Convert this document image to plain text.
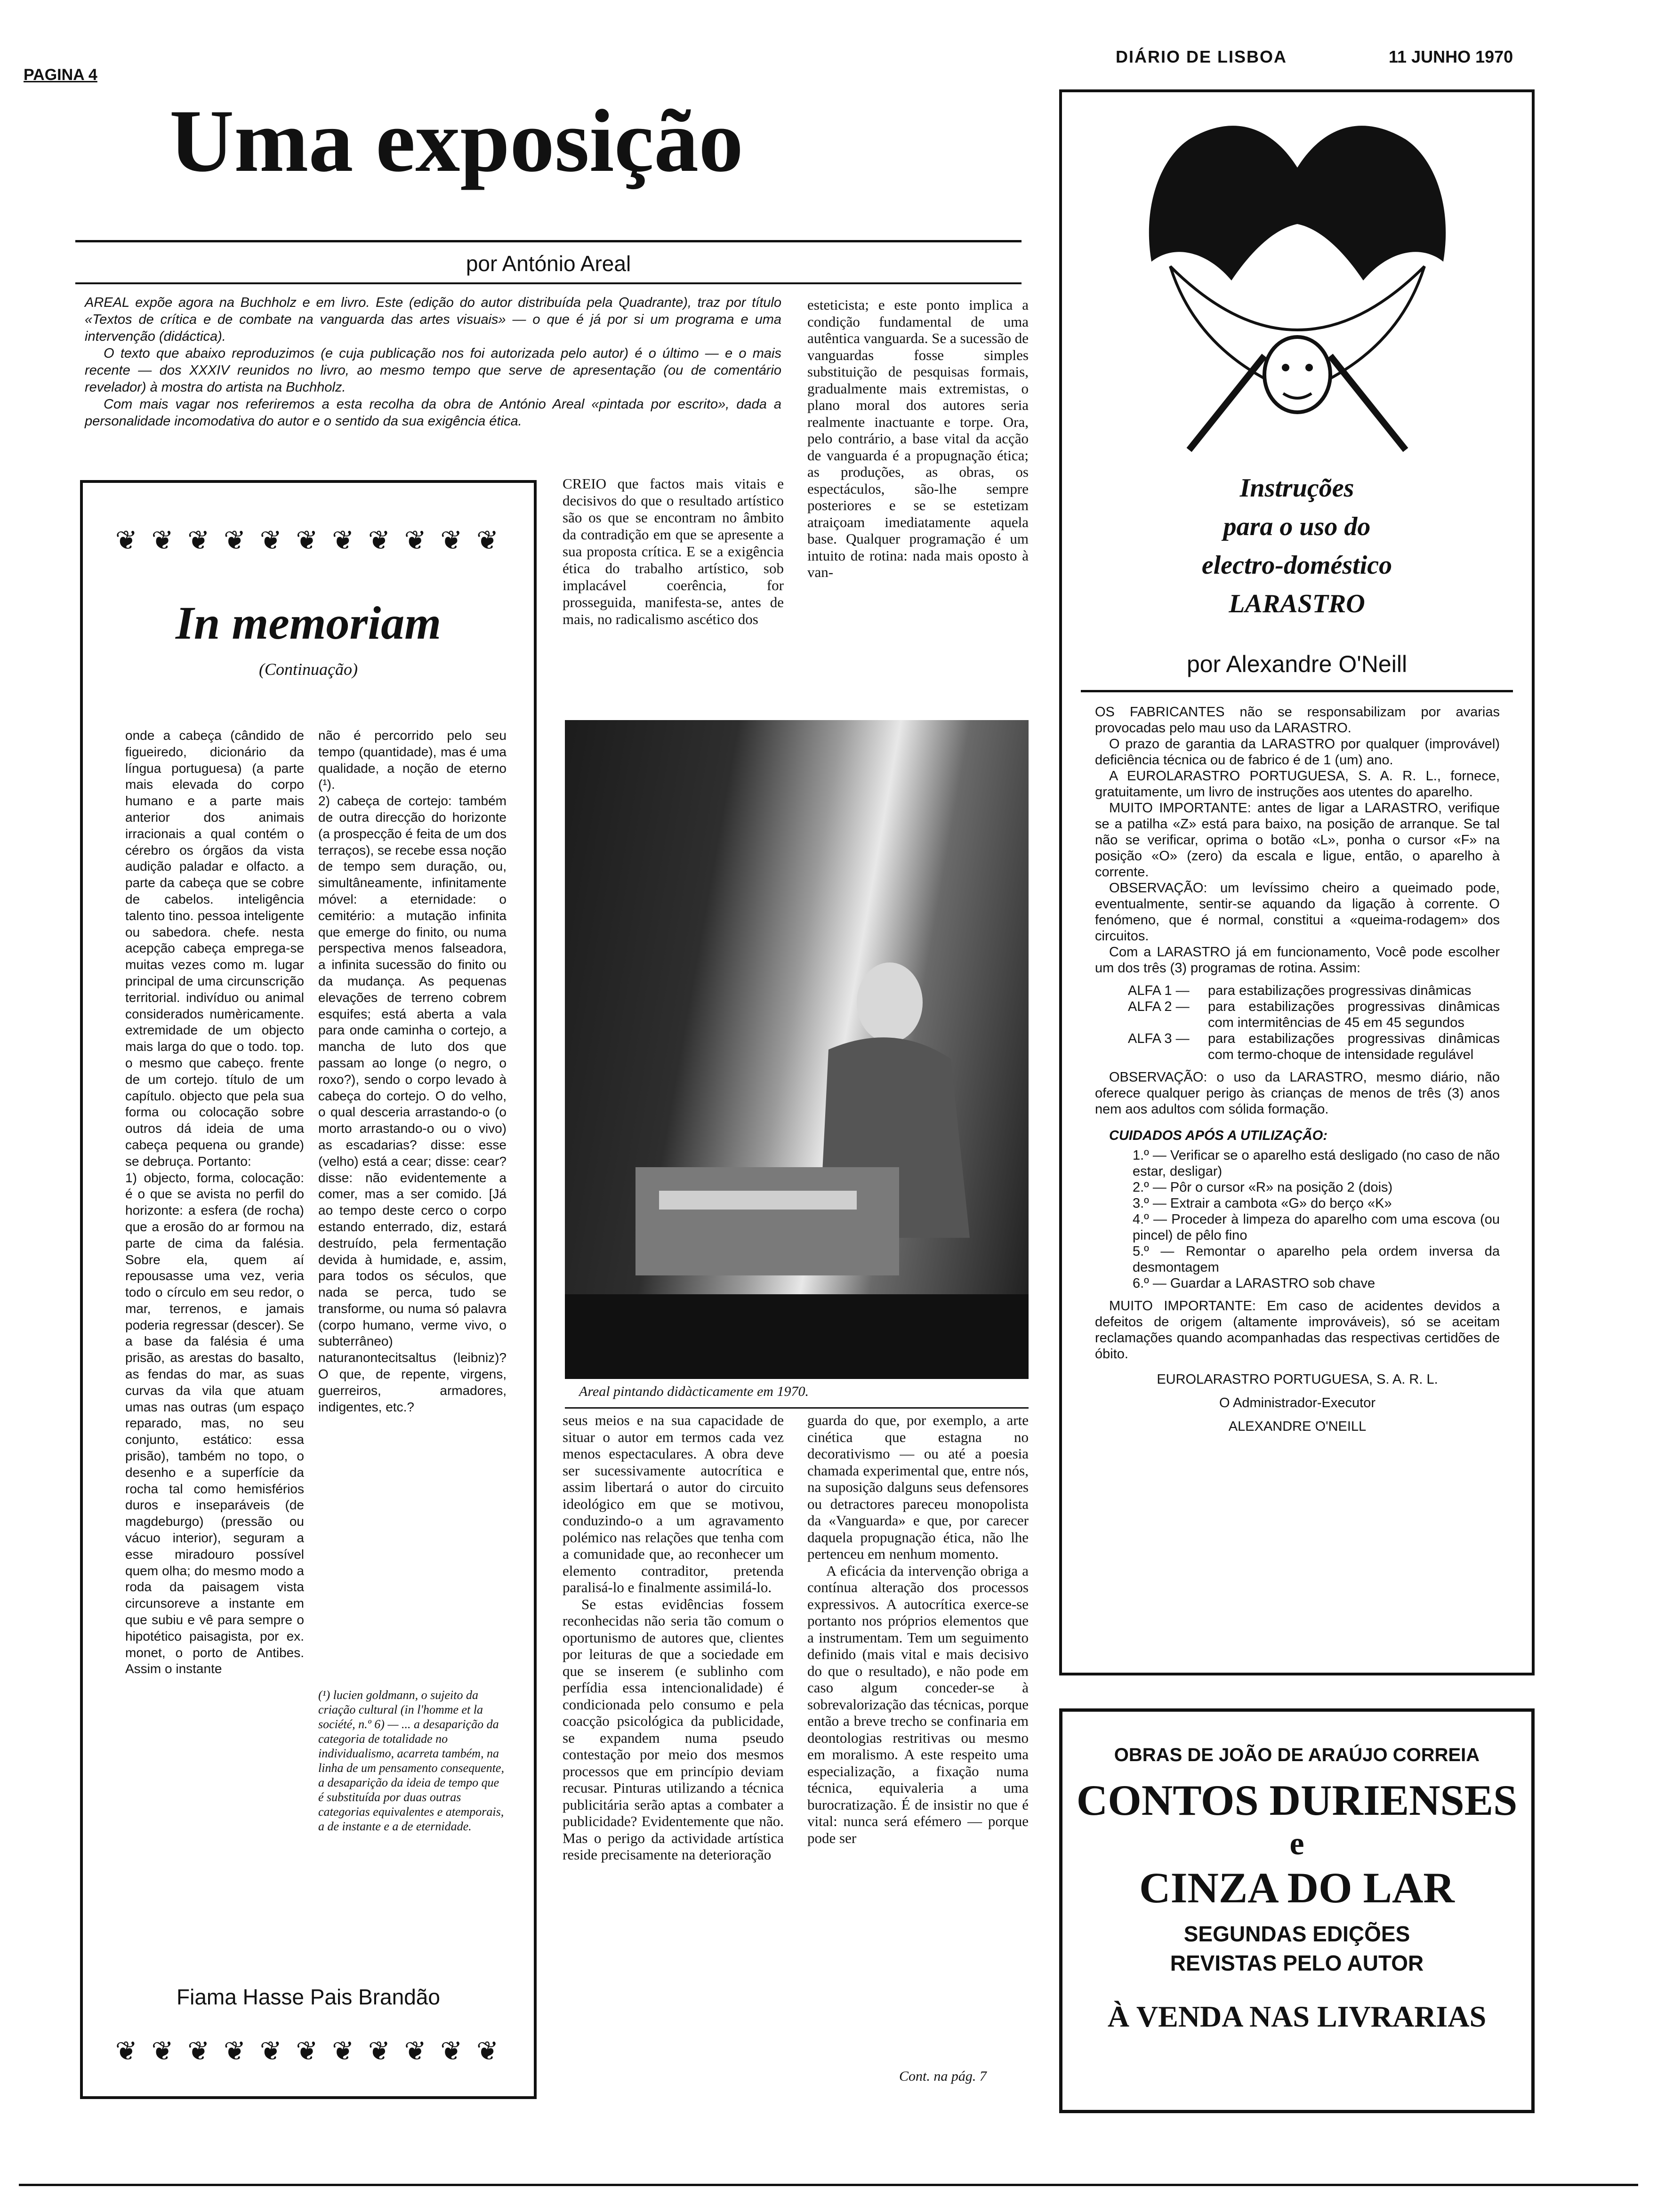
PAGINA 4
DIÁRIO DE LISBOA	11 JUNHO 1970
Uma exposição
por António Areal

AREAL expõe agora na Buchholz e em livro. Este (edição do autor distribuída pela Quadrante), traz por título «Textos de crítica e de combate na vanguarda das artes visuais» — o que é já por si um programa e uma intervenção (didáctica).

O texto que abaixo reproduzimos (e cuja publicação nos foi autorizada pelo autor) é o último — e o mais recente — dos XXXIV reunidos no livro, ao mesmo tempo que serve de apresentação (ou de comentário revelador) à mostra do artista na Buchholz.

Com mais vagar nos referiremos a esta recolha da obra de António Areal «pintada por escrito», dada a personalidade incomodativa do autor e o sentido da sua exigência ética.

❦ ❦ ❦ ❦ ❦ ❦ ❦ ❦ ❦ ❦ ❦
In memoriam
(Continuação)
onde a cabeça (cândido de figueiredo, dicionário da língua portuguesa) (a parte mais elevada do corpo humano e a parte mais anterior dos animais irracionais a qual contém o cérebro os órgãos da vista audição paladar e olfacto. a parte da cabeça que se cobre de cabelos. inteligência talento tino. pessoa inteligente ou sabedora. chefe. nesta acepção cabeça emprega-se muitas vezes como m. lugar principal de uma circunscrição territorial. indivíduo ou animal considerados numèricamente. extremidade de um objecto mais larga do que o todo. top. o mesmo que cabeço. frente de um cortejo. título de um capítulo. objecto que pela sua forma ou colocação sobre outros dá ideia de uma cabeça pequena ou grande) se debruça. Portanto:
1) objecto, forma, colocação: é o que se avista no perfil do horizonte: a esfera (de rocha) que a erosão do ar formou na parte de cima da falésia. Sobre ela, quem aí repousasse uma vez, veria todo o círculo em seu redor, o mar, terrenos, e jamais poderia regressar (descer). Se a base da falésia é uma prisão, as arestas do basalto, as fendas do mar, as suas curvas da vila que atuam umas nas outras (um espaço reparado, mas, no seu conjunto, estático: essa prisão), também no topo, o desenho e a superfície da rocha tal como hemisférios duros e inseparáveis (de magdeburgo) (pressão ou vácuo interior), seguram a esse miradouro possível quem olha; do mesmo modo a roda da paisagem vista circunsoreve a instante em que subiu e vê para sempre o hipotético paisagista, por ex. monet, o porto de Antibes. Assim o instante
não é percorrido pelo seu tempo (quantidade), mas é uma qualidade, a noção de eterno (¹).
2) cabeça de cortejo: também de outra direcção do horizonte (a prospecção é feita de um dos terraços), se recebe essa noção de tempo sem duração, ou, simultâneamente, infinitamente móvel: a eternidade: o cemitério: a mutação infinita que emerge do finito, ou numa perspectiva menos falseadora, a infinita sucessão do finito ou da mudança. As pequenas elevações de terreno cobrem esquifes; está aberta a vala para onde caminha o cortejo, a mancha de luto dos que passam ao longe (o negro, o roxo?), sendo o corpo levado à cabeça do cortejo. O do velho, o qual desceria arrastando-o (o morto arrastando-o ou o vivo) as escadarias? disse: esse (velho) está a cear; disse: cear? disse: não evidentemente a comer, mas a ser comido. [Já ao tempo deste cerco o corpo estando enterrado, diz, estará destruído, pela fermentação devida à humidade, e, assim, para todos os séculos, que nada se perca, tudo se transforme, ou numa só palavra (corpo humano, verme vivo, o subterrâneo) naturanontecitsaltus (leibniz)? O que, de repente, virgens, guerreiros, armadores, indigentes, etc.?
(¹) lucien goldmann, o sujeito da criação cultural (in l'homme et la société, n.º 6) — ... a desaparição da categoria de totalidade no individualismo, acarreta também, na linha de um pensamento consequente, a desaparição da ideia de tempo que é substituída por duas outras categorias equivalentes e atemporais, a de instante e a de eternidade.
Fiama Hasse Pais Brandão
❦ ❦ ❦ ❦ ❦ ❦ ❦ ❦ ❦ ❦ ❦
CREIO que factos mais vitais e decisivos do que o resultado artístico são os que se encontram no âmbito da contradição em que se apresente a sua proposta crítica. E se a exigência ética do trabalho artístico, sob implacável coerência, for prosseguida, manifesta-se, antes de mais, no radicalismo ascético dos
esteticista; e este ponto implica a condição fundamental de uma autêntica vanguarda. Se a sucessão de vanguardas fosse simples substituição de pesquisas formais, gradualmente mais extremistas, o plano moral dos autores seria realmente inactuante e torpe. Ora, pelo contrário, a base vital da acção de vanguarda é a propugnação ética; as produções, as obras, os espectáculos, são-lhe sempre posteriores e se se estetizam atraiçoam imediatamente aquela base. Qualquer programação é um intuito de rotina: nada mais oposto à van-
Areal pintando didàcticamente em 1970.
seus meios e na sua capacidade de situar o autor em termos cada vez menos espectaculares. A obra deve ser sucessivamente autocrítica e assim libertará o autor do circuito ideológico em que se motivou, conduzindo-o a um agravamento polémico nas relações que tenha com a comunidade que, ao reconhecer um elemento contraditor, pretenda paralisá-lo e finalmente assimilá-lo.
Se estas evidências fossem reconhecidas não seria tão comum o oportunismo de autores que, clientes por leituras de que a sociedade em que se inserem (e sublinho com perfídia essa intencionalidade) é condicionada pelo consumo e pela coacção psicológica da publicidade, se expandem numa pseudo contestação por meio dos mesmos processos que em princípio deviam recusar. Pinturas utilizando a técnica publicitária serão aptas a combater a publicidade? Evidentemente que não. Mas o perigo da actividade artística reside precisamente na deterioração
guarda do que, por exemplo, a arte cinética que estagna no decorativismo — ou até a poesia chamada experimental que, entre nós, na suposição dalguns seus defensores ou detractores pareceu monopolista da «Vanguarda» e que, por carecer daquela propugnação ética, não lhe pertenceu em nenhum momento.
A eficácia da intervenção obriga a contínua alteração dos processos expressivos. A autocrítica exerce-se portanto nos próprios elementos que a instrumentam. Tem um seguimento definido (mais vital e mais decisivo do que o resultado), e não pode em caso algum conceder-se à sobrevalorização das técnicas, porque então a breve trecho se confinaria em deontologias restritivas ou mesmo em moralismo. A este respeito uma especialização, a fixação numa técnica, equivaleria a uma burocratização. É de insistir no que é vital: nunca será efémero — porque pode ser
Cont. na pág. 7
Instruções
para o uso do
electro-doméstico
LARASTRO
por Alexandre O'Neill

OS FABRICANTES não se responsabilizam por avarias provocadas pelo mau uso da LARASTRO.

O prazo de garantia da LARASTRO por qualquer (improvável) deficiência técnica ou de fabrico é de 1 (um) ano.

A EUROLARASTRO PORTUGUESA, S. A. R. L., fornece, gratuitamente, um livro de instruções aos utentes do aparelho.

MUITO IMPORTANTE: antes de ligar a LARASTRO, verifique se a patilha «Z» está para baixo, na posição de arranque. Se tal não se verificar, oprima o botão «L», ponha o cursor «F» na posição «O» (zero) da escala e ligue, então, o aparelho à corrente.

OBSERVAÇÃO: um levíssimo cheiro a queimado pode, eventualmente, sentir-se aquando da ligação à corrente. O fenómeno, que é normal, constitui a «queima-rodagem» dos circuitos.

Com a LARASTRO já em funcionamento, Você pode escolher um dos três (3) programas de rotina. Assim:

ALFA 1 —	para estabilizações progressivas dinâmicas
ALFA 2 —	para estabilizações progressivas dinâmicas com intermitências de 45 em 45 segundos
ALFA 3 —	para estabilizações progressivas dinâmicas com termo-choque de intensidade regulável

OBSERVAÇÃO: o uso da LARASTRO, mesmo diário, não oferece qualquer perigo às crianças de menos de três (3) anos nem aos adultos com sólida formação.

CUIDADOS APÓS A UTILIZAÇÃO:

1.º — Verificar se o aparelho está desligado (no caso de não estar, desligar)
2.º — Pôr o cursor «R» na posição 2 (dois)
3.º — Extrair a cambota «G» do berço «K»
4.º — Proceder à limpeza do aparelho com uma escova (ou pincel) de pêlo fino
5.º — Remontar o aparelho pela ordem inversa da desmontagem
6.º — Guardar a LARASTRO sob chave

MUITO IMPORTANTE: Em caso de acidentes devidos a defeitos de origem (altamente improváveis), só se aceitam reclamações quando acompanhadas das respectivas certidões de óbito.

EUROLARASTRO PORTUGUESA, S. A. R. L.

O Administrador-Executor

ALEXANDRE O'NEILL

OBRAS DE JOÃO DE ARAÚJO CORREIA
CONTOS DURIENSES
e
CINZA DO LAR
SEGUNDAS EDIÇÕES
REVISTAS PELO AUTOR
À VENDA NAS LIVRARIAS
